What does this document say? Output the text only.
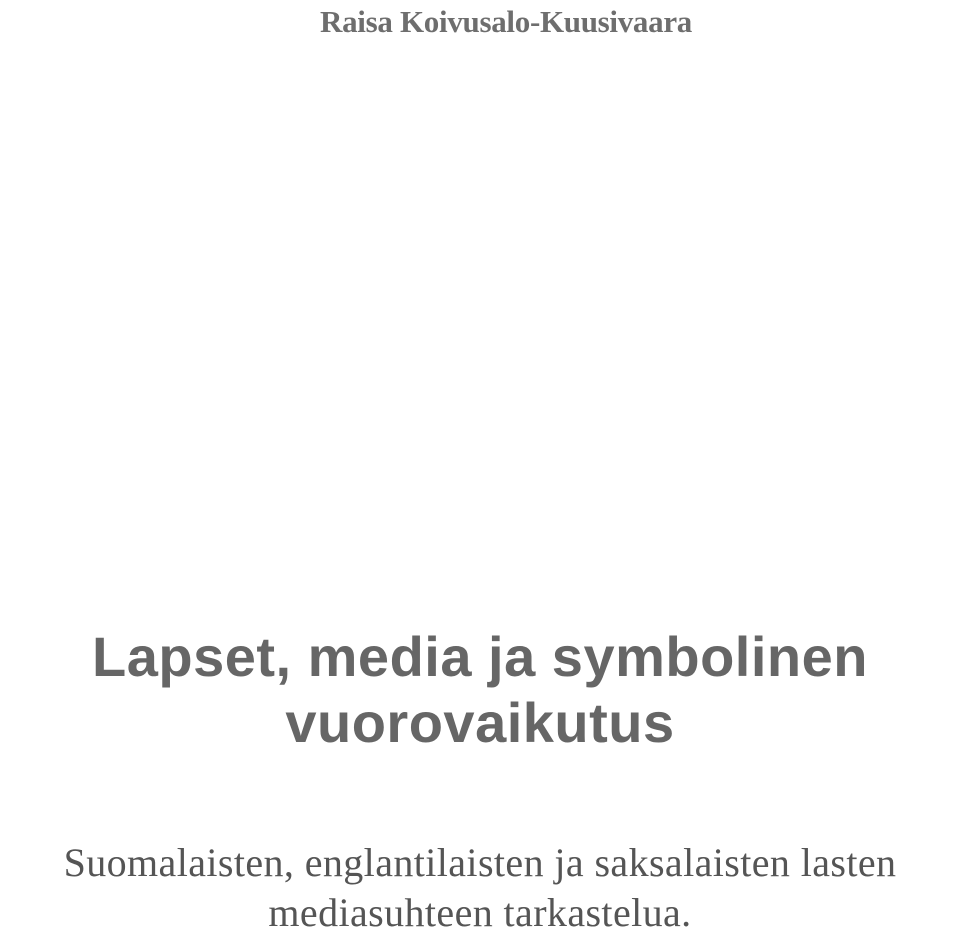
Raisa Koivusalo-Kuusivaara
Lapset, media ja symbolinen
vuorovaikutus
Suomalaisten, englantilaisten ja saksalaisten lasten
mediasuhteen tarkastelua.
